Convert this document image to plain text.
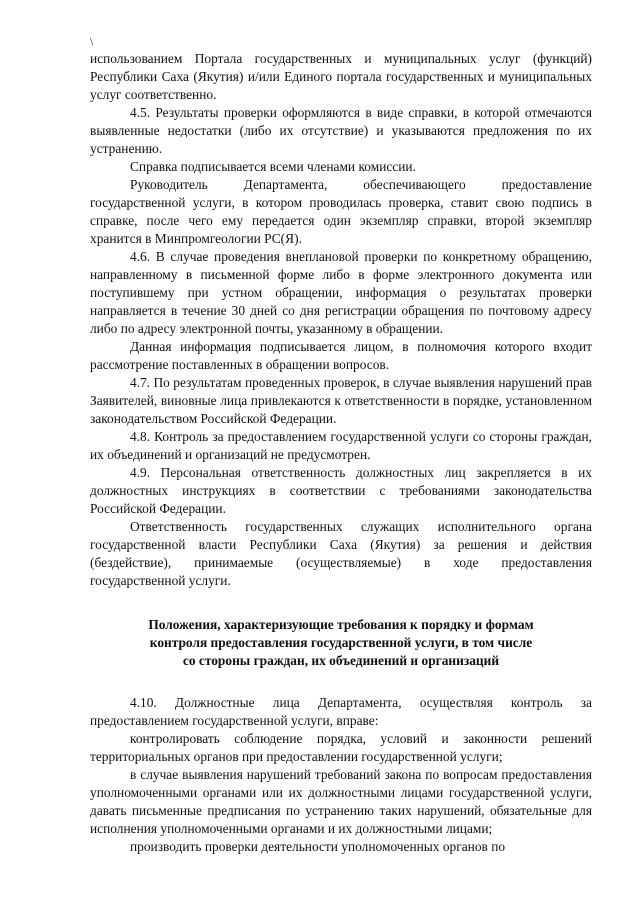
\

использованием Портала государственных и муниципальных услуг (функций) Республики Саха (Якутия) и/или Единого портала государственных и муниципальных услуг соответственно.

4.5. Результаты проверки оформляются в виде справки, в которой отмечаются выявленные недостатки (либо их отсутствие) и указываются предложения по их устранению.

Справка подписывается всеми членами комиссии.

Руководитель Департамента, обеспечивающего предоставление государственной услуги, в котором проводилась проверка, ставит свою подпись в справке, после чего ему передается один экземпляр справки, второй экземпляр хранится в Минпромгеологии РС(Я).

4.6. В случае проведения внеплановой проверки по конкретному обращению, направленному в письменной форме либо в форме электронного документа или поступившему при устном обращении, информация о результатах проверки направляется в течение 30 дней со дня регистрации обращения по почтовому адресу либо по адресу электронной почты, указанному в обращении.

Данная информация подписывается лицом, в полномочия которого входит рассмотрение поставленных в обращении вопросов.

4.7. По результатам проведенных проверок, в случае выявления нарушений прав Заявителей, виновные лица привлекаются к ответственности в порядке, установленном законодательством Российской Федерации.

4.8. Контроль за предоставлением государственной услуги со стороны граждан, их объединений и организаций не предусмотрен.

4.9. Персональная ответственность должностных лиц закрепляется в их должностных инструкциях в соответствии с требованиями законодательства Российской Федерации.

Ответственность государственных служащих исполнительного органа государственной власти Республики Саха (Якутия) за решения и действия (бездействие), принимаемые (осуществляемые) в ходе предоставления государственной услуги.

Положения, характеризующие требования к порядку и формам
контроля предоставления государственной услуги, в том числе
со стороны граждан, их объединений и организаций

4.10. Должностные лица Департамента, осуществляя контроль за предоставлением государственной услуги, вправе:

контролировать соблюдение порядка, условий и законности решений территориальных органов при предоставлении государственной услуги;

в случае выявления нарушений требований закона по вопросам предоставления уполномоченными органами или их должностными лицами государственной услуги, давать письменные предписания по устранению таких нарушений, обязательные для исполнения уполномоченными органами и их должностными лицами;

производить проверки деятельности уполномоченных органов по
